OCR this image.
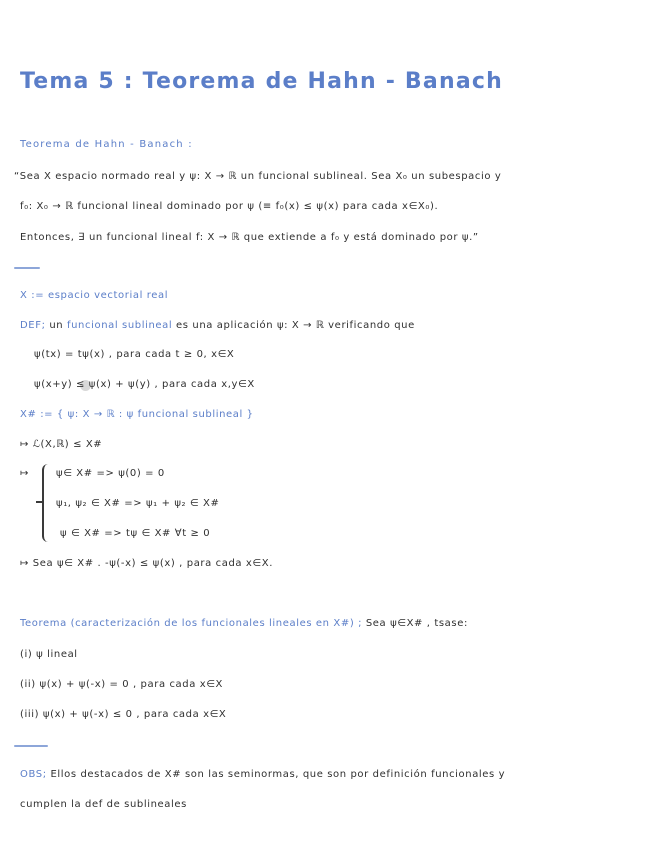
Tema 5 : Teorema de Hahn - Banach
Teorema de Hahn - Banach :
“Sea X espacio normado real y ψ: X → ℝ un funcional sublineal. Sea X₀ un subespacio y
f₀: X₀ → ℝ funcional lineal dominado por ψ (≡ f₀(x) ≤ ψ(x) para cada x∈X₀).
Entonces, ∃ un funcional lineal f: X → ℝ que extiende a f₀ y está dominado por ψ.”
X := espacio vectorial real
DEF; un funcional sublineal es una aplicación ψ: X → ℝ verificando que
ψ(tx) = tψ(x) , para cada t ≥ 0, x∈X
ψ(x+y) ≤ ψ(x) + ψ(y) , para cada x,y∈X
X# := { ψ: X → ℝ : ψ funcional sublineal }
↦ ℒ(X,ℝ) ≤ X#
↦	ψ∈ X# => ψ(0) = 0
ψ₁, ψ₂ ∈ X# => ψ₁ + ψ₂ ∈ X#
ψ ∈ X# => tψ ∈ X# ∀t ≥ 0
↦ Sea ψ∈ X# . -ψ(-x) ≤ ψ(x) , para cada x∈X.
Teorema (caracterización de los funcionales lineales en X#) ; Sea ψ∈X# , tsase:
(i) ψ lineal
(ii) ψ(x) + ψ(-x) = 0 , para cada x∈X
(iii) ψ(x) + ψ(-x) ≤ 0 , para cada x∈X
OBS; Ellos destacados de X# son las seminormas, que son por definición funcionales y
cumplen la def de sublineales
